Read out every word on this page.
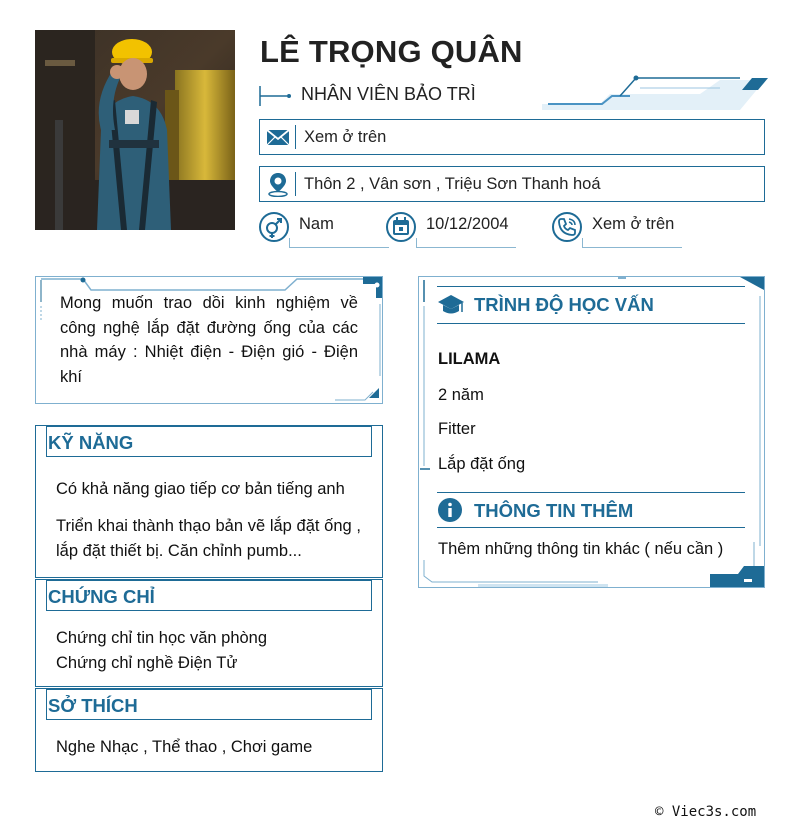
LÊ TRỌNG QUÂN
NHÂN VIÊN BẢO TRÌ
Xem ở trên
Thôn 2 , Vân sơn , Triệu Sơn Thanh hoá
Nam	10/12/2004	Xem ở trên
Mong muốn trao dồi kinh nghiệm về công nghệ lắp đặt đường ống của các nhà máy : Nhiệt điện - Điện gió - Điện khí
KỸ NĂNG
Có khả năng giao tiếp cơ bản tiếng anh
Triển khai thành thạo bản vẽ lắp đặt ống , lắp đặt thiết bị. Căn chỉnh pumb...
CHỨNG CHỈ
Chứng chỉ tin học văn phòng
Chứng chỉ nghề Điện Tử
SỞ THÍCH
Nghe Nhạc , Thể thao , Chơi game
TRÌNH ĐỘ HỌC VẤN
LILAMA
2 năm
Fitter
Lắp đặt ống
THÔNG TIN THÊM
Thêm những thông tin khác ( nếu cần )
© Viec3s.com
